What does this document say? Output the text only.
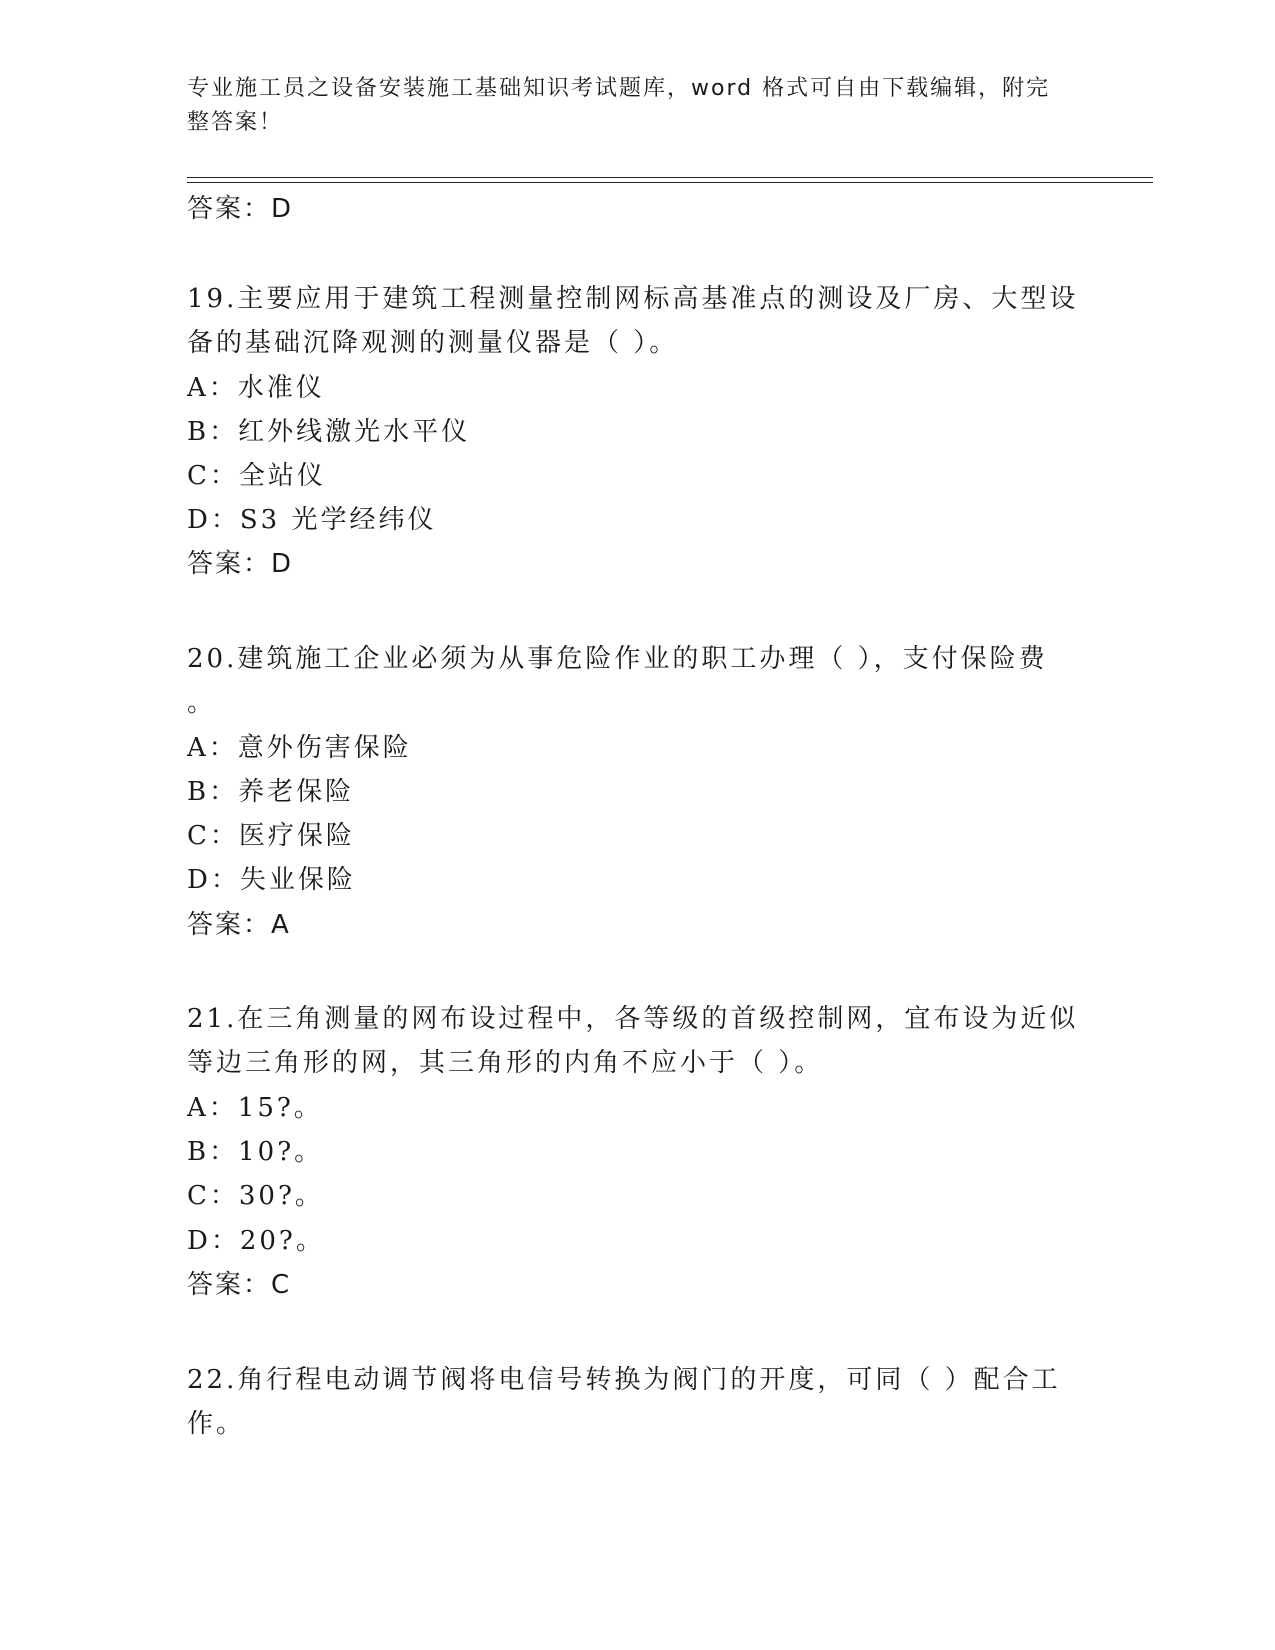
专业施工员之设备安装施工基础知识考试题库，word 格式可自由下载编辑，附完
整答案！
答案：D
19.主要应用于建筑工程测量控制网标高基准点的测设及厂房、大型设
备的基础沉降观测的测量仪器是（ ）。
A：水准仪
B：红外线激光水平仪
C：全站仪
D：S3 光学经纬仪
答案：D
20.建筑施工企业必须为从事危险作业的职工办理（ ），支付保险费
。
A：意外伤害保险
B：养老保险
C：医疗保险
D：失业保险
答案：A
21.在三角测量的网布设过程中，各等级的首级控制网，宜布设为近似
等边三角形的网，其三角形的内角不应小于（ ）。
A：15?。
B：10?。
C：30?。
D：20?。
答案：C
22.角行程电动调节阀将电信号转换为阀门的开度，可同（ ）配合工
作。
